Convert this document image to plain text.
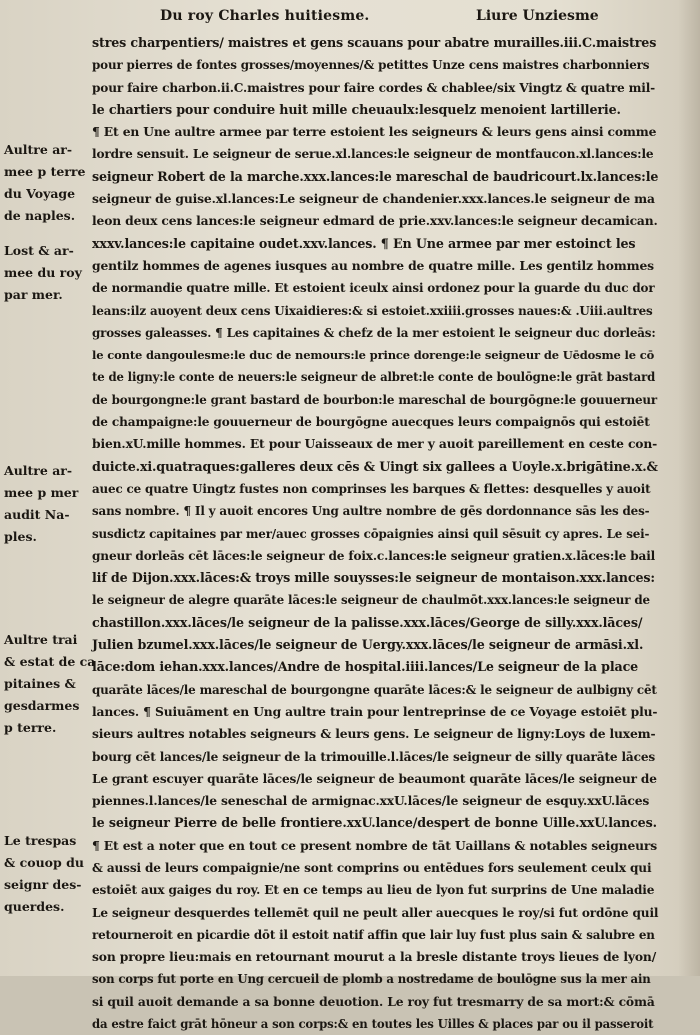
Du roy Charles huitiesme.	Liure Unziesme
Aultre ar-
mee p terre
du Voyage
de naples.
Lost & ar-
mee du roy
par mer.
Aultre ar-
mee p mer
audit Na-
ples.
Aultre trai
& estat de ca
pitaines &
gesdarmes
p terre.
Le trespas
& couop du
seignr des-
querdes.
stres charpentiers/ maistres et gens scauans pour abatre murailles.iii.C.maistres
pour pierres de fontes grosses/moyennes/& petittes Unze cens maistres charbonniers
pour faire charbon.ii.C.maistres pour faire cordes & chablee/six Vingtz & quatre mil-
le chartiers pour conduire huit mille cheuaulx:lesquelz menoient lartillerie.
¶ Et en Une aultre armee par terre estoient les seigneurs & leurs gens ainsi comme
lordre sensuit. Le seigneur de serue.xl.lances:le seigneur de montfaucon.xl.lances:le
seigneur Robert de la marche.xxx.lances:le mareschal de baudricourt.lx.lances:le
seigneur de guise.xl.lances:Le seigneur de chandenier.xxx.lances.le seigneur de ma
leon deux cens lances:le seigneur edmard de prie.xxv.lances:le seigneur decamican.
xxxv.lances:le capitaine oudet.xxv.lances. ¶ En Une armee par mer estoinct les
gentilz hommes de agenes iusques au nombre de quatre mille. Les gentilz hommes
de normandie quatre mille. Et estoient iceulx ainsi ordonez pour la guarde du duc dor
leans:ilz auoyent deux cens Uixaidieres:& si estoiet.xxiiii.grosses naues:& .Uiii.aultres
grosses galeasses. ¶ Les capitaines & chefz de la mer estoient le seigneur duc dorleās:
le conte dangoulesme:le duc de nemours:le prince dorenge:le seigneur de Uēdosme le cō
te de ligny:le conte de neuers:le seigneur de albret:le conte de boulōgne:le grāt bastard
de bourgongne:le grant bastard de bourbon:le mareschal de bourgōgne:le gouuerneur
de champaigne:le gouuerneur de bourgōgne auecques leurs compaignōs qui estoiēt
bien.xU.mille hommes. Et pour Uaisseaux de mer y auoit pareillement en ceste con-
duicte.xi.quatraques:galleres deux cēs & Uingt six gallees a Uoyle.x.brigātine.x.&
auec ce quatre Uingtz fustes non comprinses les barques & flettes: desquelles y auoit
sans nombre. ¶ Il y auoit encores Ung aultre nombre de gēs dordonnance sās les des-
susdictz capitaines par mer/auec grosses cōpaignies ainsi quil sēsuit cy apres. Le sei-
gneur dorleās cēt lāces:le seigneur de foix.c.lances:le seigneur gratien.x.lāces:le bail
lif de Dijon.xxx.lāces:& troys mille souysses:le seigneur de montaison.xxx.lances:
le seigneur de alegre quarāte lāces:le seigneur de chaulmōt.xxx.lances:le seigneur de
chastillon.xxx.lāces/le seigneur de la palisse.xxx.lāces/George de silly.xxx.lāces/
Julien bzumel.xxx.lāces/le seigneur de Uergy.xxx.lāces/le seigneur de armāsi.xl.
lāce:dom iehan.xxx.lances/Andre de hospital.iiii.lances/Le seigneur de la place
quarāte lāces/le mareschal de bourgongne quarāte lāces:& le seigneur de aulbigny cēt
lances. ¶ Suiuāment en Ung aultre train pour lentreprinse de ce Voyage estoiēt plu-
sieurs aultres notables seigneurs & leurs gens. Le seigneur de ligny:Loys de luxem-
bourg cēt lances/le seigneur de la trimouille.l.lāces/le seigneur de silly quarāte lāces
Le grant escuyer quarāte lāces/le seigneur de beaumont quarāte lāces/le seigneur de
piennes.l.lances/le seneschal de armignac.xxU.lāces/le seigneur de esquy.xxU.lāces
le seigneur Pierre de belle frontiere.xxU.lance/despert de bonne Uille.xxU.lances.
¶ Et est a noter que en tout ce present nombre de tāt Uaillans & notables seigneurs
& aussi de leurs compaignie/ne sont comprins ou entēdues fors seulement ceulx qui
estoiēt aux gaiges du roy. Et en ce temps au lieu de lyon fut surprins de Une maladie
Le seigneur desquerdes tellemēt quil ne peult aller auecques le roy/si fut ordōne quil
retourneroit en picardie dōt il estoit natif affin que lair luy fust plus sain & salubre en
son propre lieu:mais en retournant mourut a la bresle distante troys lieues de lyon/
son corps fut porte en Ung cercueil de plomb a nostredame de boulōgne sus la mer ain
si quil auoit demande a sa bonne deuotion. Le roy fut tresmarry de sa mort:& cōmā
da estre faict grāt hōneur a son corps:& en toutes les Uilles & places par ou il passeroit
